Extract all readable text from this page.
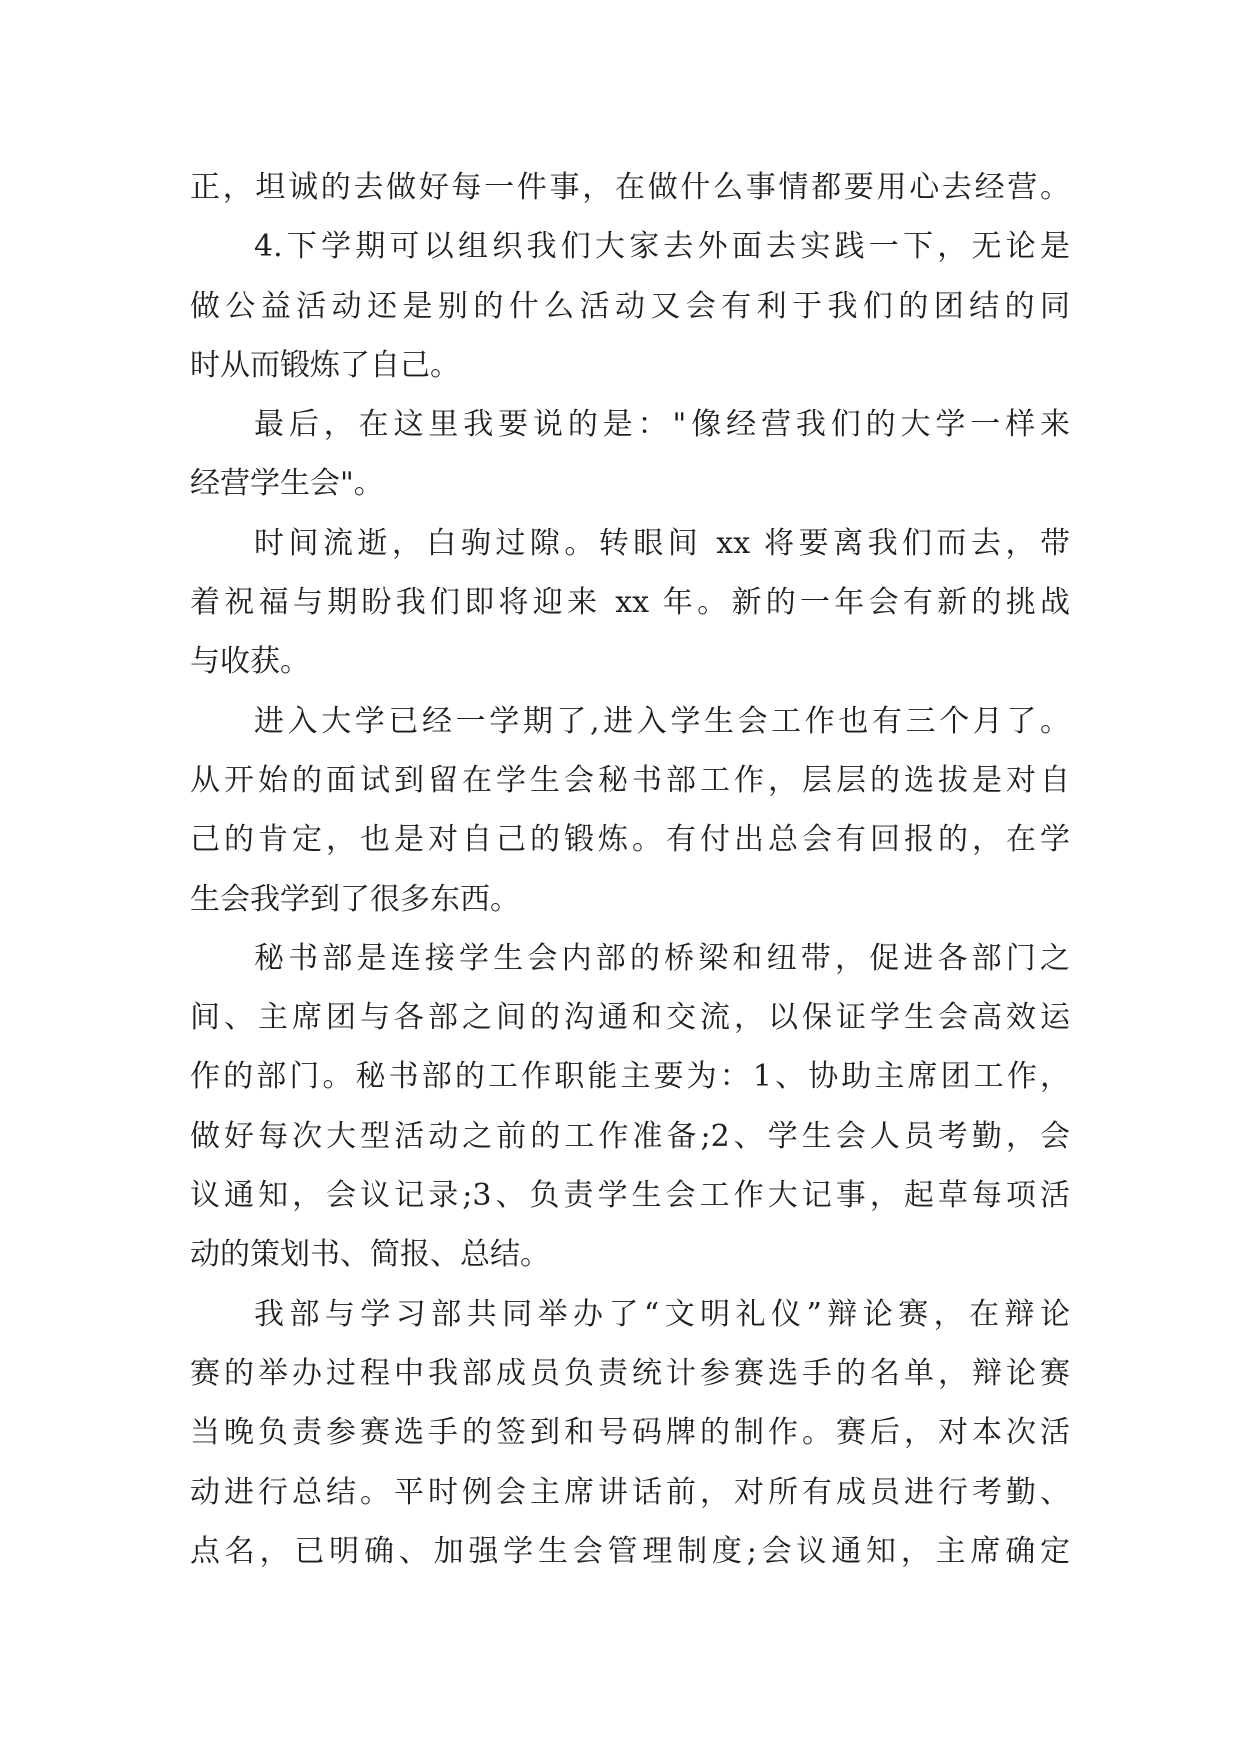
正，坦诚的去做好每一件事，在做什么事情都要用心去经营。
4.下学期可以组织我们大家去外面去实践一下，无论是
做公益活动还是别的什么活动又会有利于我们的团结的同
时从而锻炼了自己。
最后，在这里我要说的是："像经营我们的大学一样来
经营学生会"。
时间流逝，白驹过隙。转眼间 xx 将要离我们而去，带
着祝福与期盼我们即将迎来 xx 年。新的一年会有新的挑战
与收获。
进入大学已经一学期了,进入学生会工作也有三个月了。
从开始的面试到留在学生会秘书部工作，层层的选拔是对自
己的肯定，也是对自己的锻炼。有付出总会有回报的，在学
生会我学到了很多东西。
秘书部是连接学生会内部的桥梁和纽带，促进各部门之
间、主席团与各部之间的沟通和交流，以保证学生会高效运
作的部门。秘书部的工作职能主要为：1、协助主席团工作，
做好每次大型活动之前的工作准备;2、学生会人员考勤，会
议通知，会议记录;3、负责学生会工作大记事，起草每项活
动的策划书、简报、总结。
我部与学习部共同举办了“文明礼仪”辩论赛，在辩论
赛的举办过程中我部成员负责统计参赛选手的名单，辩论赛
当晚负责参赛选手的签到和号码牌的制作。赛后，对本次活
动进行总结。平时例会主席讲话前，对所有成员进行考勤、
点名，已明确、加强学生会管理制度;会议通知，主席确定
